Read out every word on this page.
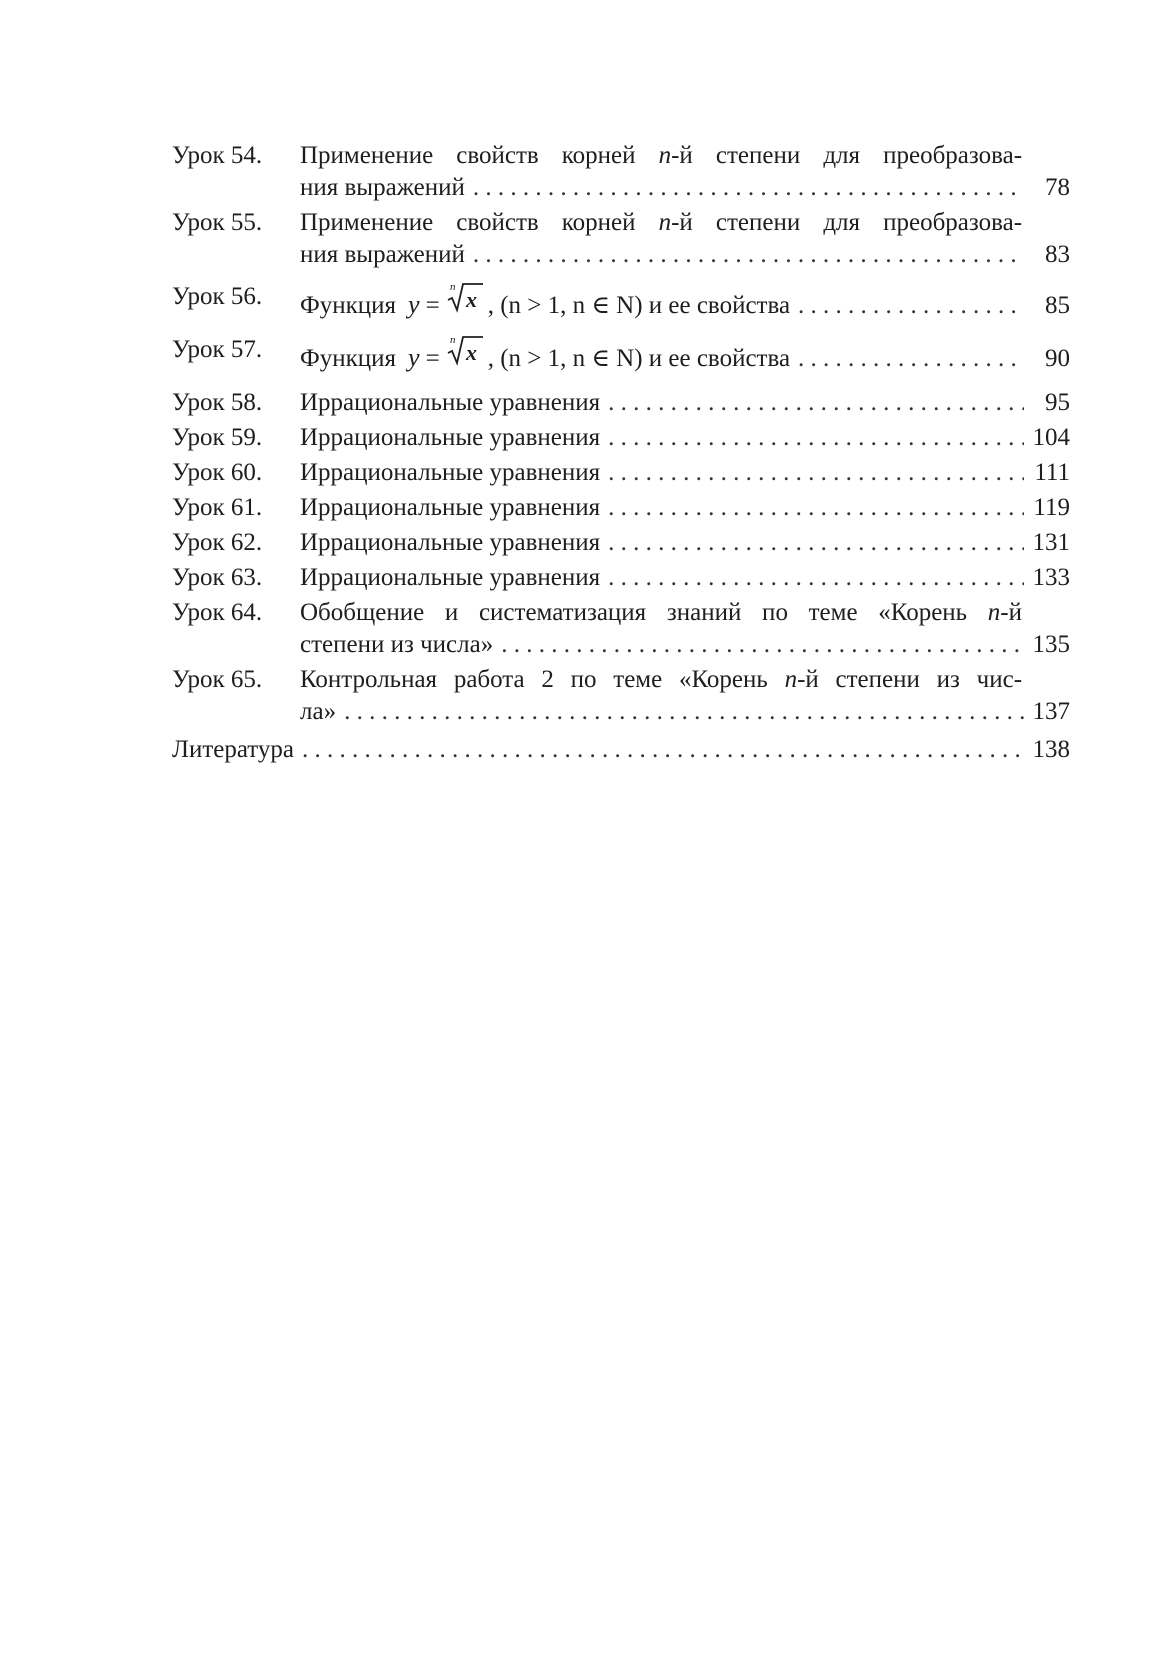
Урок 54.	Применение свойств корней n-й степени для преобразова-
ния выражений . . .	78
Урок 55.	Применение свойств корней n-й степени для преобразова-
ния выражений . . .	83
Урок 56.	Функция y =
n x , (n > 1, n ∈ N) и ее свойства . . .	85
Урок 57.	Функция y =
n x , (n > 1, n ∈ N) и ее свойства . . .	90
Урок 58.	Иррациональные уравнения . . .	95
Урок 59.	Иррациональные уравнения . . .	104
Урок 60.	Иррациональные уравнения . . .	111
Урок 61.	Иррациональные уравнения . . .	119
Урок 62.	Иррациональные уравнения . . .	131
Урок 63.	Иррациональные уравнения . . .	133
Урок 64.	Обобщение и систематизация знаний по теме «Корень n-й
степени из числа» . . .	135
Урок 65.	Контрольная работа 2 по теме «Корень n-й степени из чис-
ла» . . .	137
Литература . . .	138
